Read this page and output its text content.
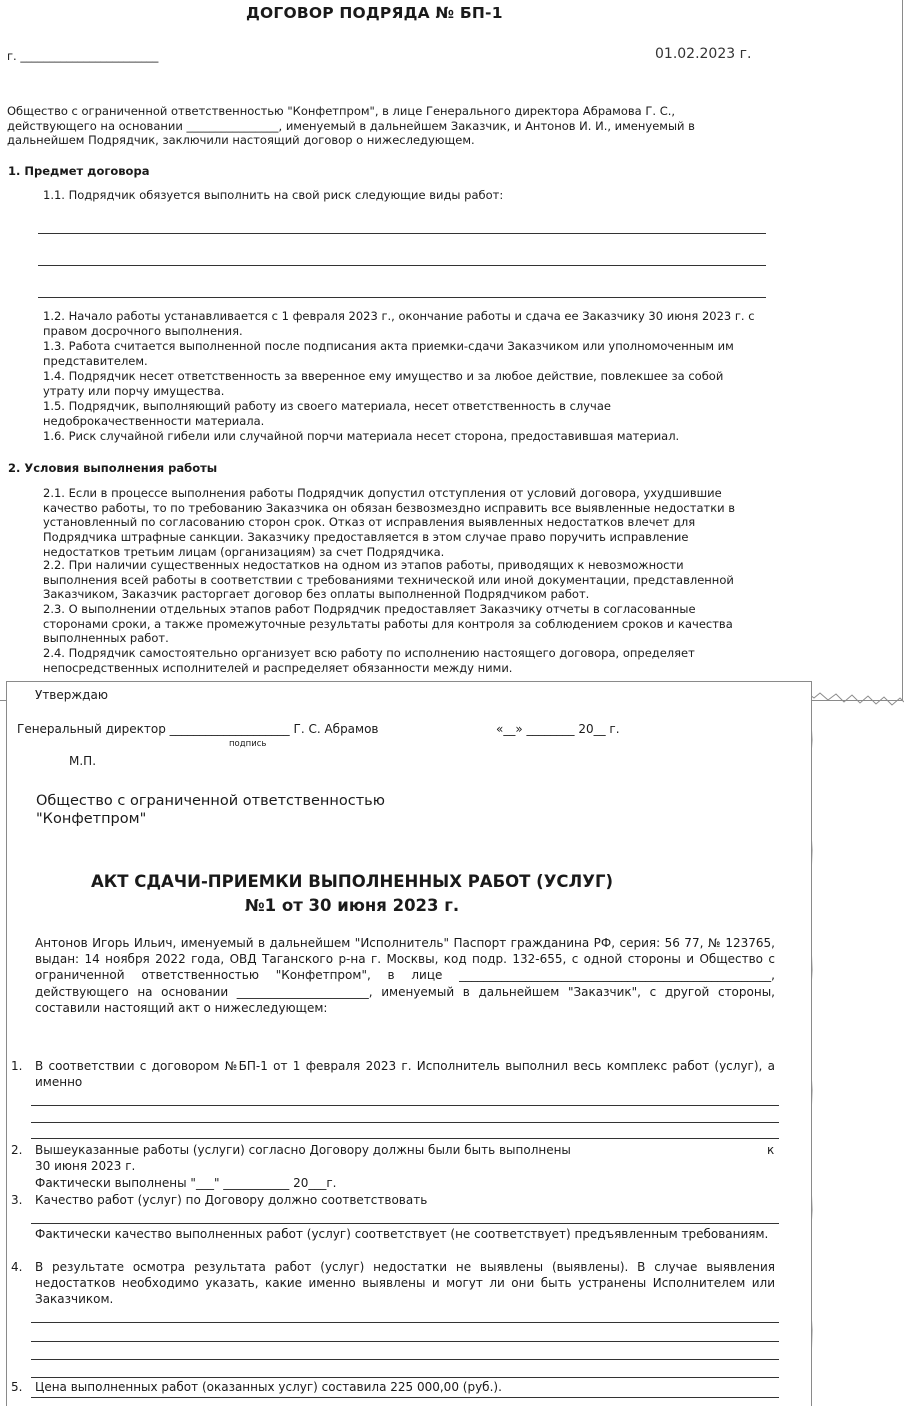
ДОГОВОР ПОДРЯДА № БП-1
г. ________________________	01.02.2023 г.
Общество с ограниченной ответственностью "Конфетпром", в лице Генерального директора Абрамова Г. С., действующего на основании ________________, именуемый в дальнейшем Заказчик, и Антонов И. И., именуемый в дальнейшем Подрядчик, заключили настоящий договор о нижеследующем.
1. Предмет договора
1.1. Подрядчик обязуется выполнить на свой риск следующие виды работ:
1.2. Начало работы устанавливается с 1 февраля 2023 г., окончание работы и сдача ее Заказчику 30 июня 2023 г. с правом досрочного выполнения.
1.3. Работа считается выполненной после подписания акта приемки-сдачи Заказчиком или уполномоченным им представителем.
1.4. Подрядчик несет ответственность за вверенное ему имущество и за любое действие, повлекшее за собой утрату или порчу имущества.
1.5. Подрядчик, выполняющий работу из своего материала, несет ответственность в случае недоброкачественности материала.
1.6. Риск случайной гибели или случайной порчи материала несет сторона, предоставившая материал.
2. Условия выполнения работы
2.1. Если в процессе выполнения работы Подрядчик допустил отступления от условий договора, ухудшившие качество работы, то по требованию Заказчика он обязан безвозмездно исправить все выявленные недостатки в установленный по согласованию сторон срок. Отказ от исправления выявленных недостатков влечет для Подрядчика штрафные санкции. Заказчику предоставляется в этом случае право поручить исправление недостатков третьим лицам (организациям) за счет Подрядчика.
2.2. При наличии существенных недостатков на одном из этапов работы, приводящих к невозможности выполнения всей работы в соответствии с требованиями технической или иной документации, представленной Заказчиком, Заказчик расторгает договор без оплаты выполненной Подрядчиком работ.
2.3. О выполнении отдельных этапов работ Подрядчик предоставляет Заказчику отчеты в согласованные сторонами сроки, а также промежуточные результаты работы для контроля за соблюдением сроков и качества выполненных работ.
2.4. Подрядчик самостоятельно организует всю работу по исполнению настоящего договора, определяет непосредственных исполнителей и распределяет обязанности между ними.
Утверждаю
Генеральный директор ____________________ Г. С. Абрамов
подпись
«__» ________ 20__ г.
М.П.
Общество с ограниченной ответственностью
"Конфетпром"
АКТ СДАЧИ-ПРИЕМКИ ВЫПОЛНЕННЫХ РАБОТ (УСЛУГ)
№1 от 30 июня 2023 г.
Антонов Игорь Ильич, именуемый в дальнейшем "Исполнитель" Паспорт гражданина РФ, серия: 56 77, № 123765, выдан: 14 ноября 2022 года, ОВД Таганского р-на г. Москвы, код подр. 132-655, с одной стороны и Общество с ограниченной ответственностью "Конфетпром", в лице ____________________________________________________, действующего на основании ______________________, именуемый в дальнейшем "Заказчик", с другой стороны, составили настоящий акт о нижеследующем:
1. В соответствии с договором №БП-1 от 1 февраля 2023 г. Исполнитель выполнил весь комплекс работ (услуг), а именно
2. Вышеуказанные работы (услуги) согласно Договору должны были быть выполнены	к
30 июня 2023 г.
Фактически выполнены "___" ___________ 20___г.
3. Качество работ (услуг) по Договору должно соответствовать
Фактически качество выполненных работ (услуг) соответствует (не соответствует) предъявленным требованиям.
4. В результате осмотра результата работ (услуг) недостатки не выявлены (выявлены). В случае выявления недостатков необходимо указать, какие именно выявлены и могут ли они быть устранены Исполнителем или Заказчиком.
5. Цена выполненных работ (оказанных услуг) составила 225 000,00 (руб.).
